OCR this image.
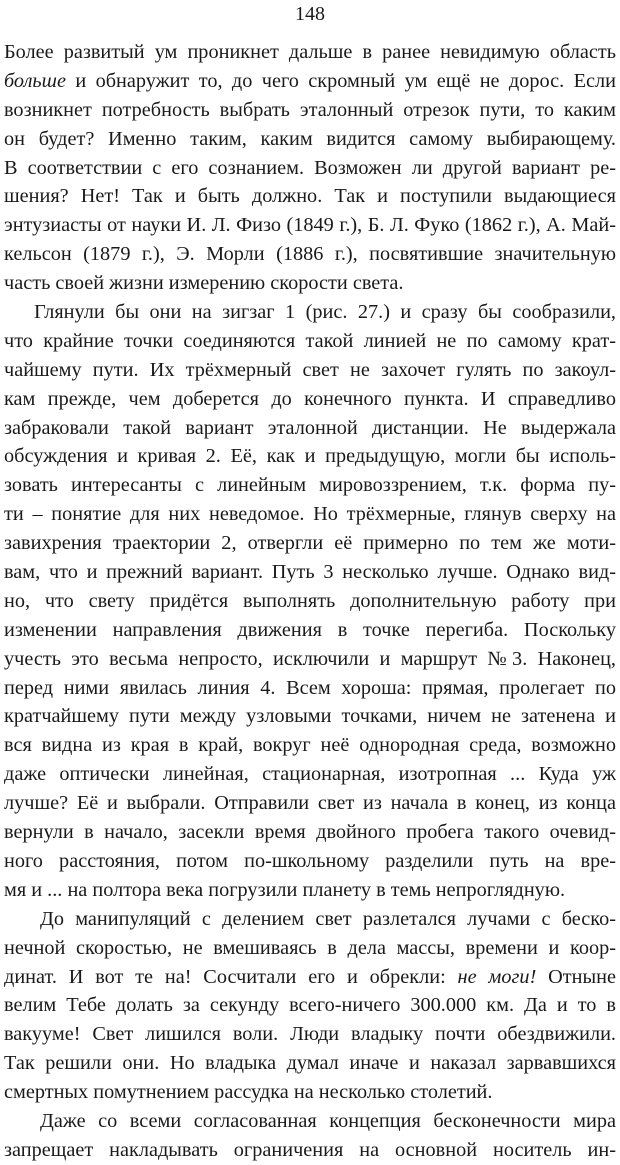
148
Более развитый ум проникнет дальше в ранее невидимую область
больше и обнаружит то, до чего скромный ум ещё не дорос. Если
возникнет потребность выбрать эталонный отрезок пути, то каким
он будет? Именно таким, каким видится самому выбирающему.
В соответствии с его сознанием. Возможен ли другой вариант ре-
шения? Нет! Так и быть должно. Так и поступили выдающиеся
энтузиасты от науки И. Л. Физо (1849 г.), Б. Л. Фуко (1862 г.), А. Май-
кельсон (1879 г.), Э. Морли (1886 г.), посвятившие значительную
часть своей жизни измерению скорости света.
Глянули бы они на зигзаг 1 (рис. 27.) и сразу бы сообразили,
что крайние точки соединяются такой линией не по самому крат-
чайшему пути. Их трёхмерный свет не захочет гулять по закоул-
кам прежде, чем доберется до конечного пункта. И справедливо
забраковали такой вариант эталонной дистанции. Не выдержала
обсуждения и кривая 2. Её, как и предыдущую, могли бы исполь-
зовать интересанты с линейным мировоззрением, т.к. форма пу-
ти – понятие для них неведомое. Но трёхмерные, глянув сверху на
завихрения траектории 2, отвергли её примерно по тем же моти-
вам, что и прежний вариант. Путь 3 несколько лучше. Однако вид-
но, что свету придётся выполнять дополнительную работу при
изменении направления движения в точке перегиба. Поскольку
учесть это весьма непросто, исключили и маршрут №3. Наконец,
перед ними явилась линия 4. Всем хороша: прямая, пролегает по
кратчайшему пути между узловыми точками, ничем не затенена и
вся видна из края в край, вокруг неё однородная среда, возможно
даже оптически линейная, стационарная, изотропная ... Куда уж
лучше? Её и выбрали. Отправили свет из начала в конец, из конца
вернули в начало, засекли время двойного пробега такого очевид-
ного расстояния, потом по-школьному разделили путь на вре-
мя и ... на полтора века погрузили планету в темь непроглядную.
До манипуляций с делением свет разлетался лучами с беско-
нечной скоростью, не вмешиваясь в дела массы, времени и коор-
динат. И вот те на! Сосчитали его и обрекли: не моги! Отныне
велим Тебе долать за секунду всего-ничего 300.000 км. Да и то в
вакууме! Свет лишился воли. Люди владыку почти обездвижили.
Так решили они. Но владыка думал иначе и наказал зарвавшихся
смертных помутнением рассудка на несколько столетий.
Даже со всеми согласованная концепция бесконечности мира
запрещает накладывать ограничения на основной носитель ин-
